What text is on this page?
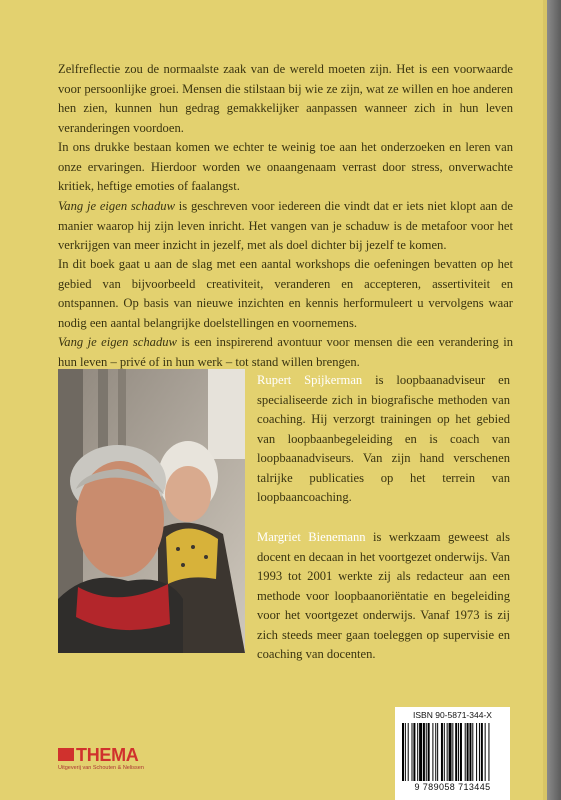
Zelfreflectie zou de normaalste zaak van de wereld moeten zijn. Het is een voorwaarde voor persoonlijke groei. Mensen die stilstaan bij wie ze zijn, wat ze willen en hoe anderen hen zien, kunnen hun gedrag gemakkelijker aanpassen wanneer zich in hun leven veranderingen voordoen.

In ons drukke bestaan komen we echter te weinig toe aan het onderzoeken en leren van onze ervaringen. Hierdoor worden we onaangenaam verrast door stress, onverwachte kritiek, heftige emoties of faalangst.

Vang je eigen schaduw is geschreven voor iedereen die vindt dat er iets niet klopt aan de manier waarop hij zijn leven inricht. Het vangen van je schaduw is de metafoor voor het verkrijgen van meer inzicht in jezelf, met als doel dichter bij jezelf te komen.

In dit boek gaat u aan de slag met een aantal workshops die oefeningen bevatten op het gebied van bijvoorbeeld creativiteit, veranderen en accepteren, assertiviteit en ontspannen. Op basis van nieuwe inzichten en kennis herformuleert u vervolgens waar nodig een aantal belangrijke doelstellingen en voornemens.

Vang je eigen schaduw is een inspirerend avontuur voor mensen die een verandering in hun leven – privé of in hun werk – tot stand willen brengen.

Rupert Spijkerman is loopbaanadviseur en specialiseerde zich in biografische methoden van coaching. Hij verzorgt trainingen op het gebied van loopbaanbegeleiding en is coach van loopbaanadviseurs. Van zijn hand verschenen talrijke publicaties op het terrein van loopbaancoaching.

Margriet Bienemann is werkzaam geweest als docent en decaan in het voortgezet onderwijs. Van 1993 tot 2001 werkte zij als redacteur aan een methode voor loopbaanoriëntatie en begeleiding voor het voortgezet onderwijs. Vanaf 1973 is zij zich steeds meer gaan toeleggen op supervisie en coaching van docenten.

THEMA
Uitgeverij van Schouten & Nelissen
ISBN 90-5871-344-X
9 789058 713445
